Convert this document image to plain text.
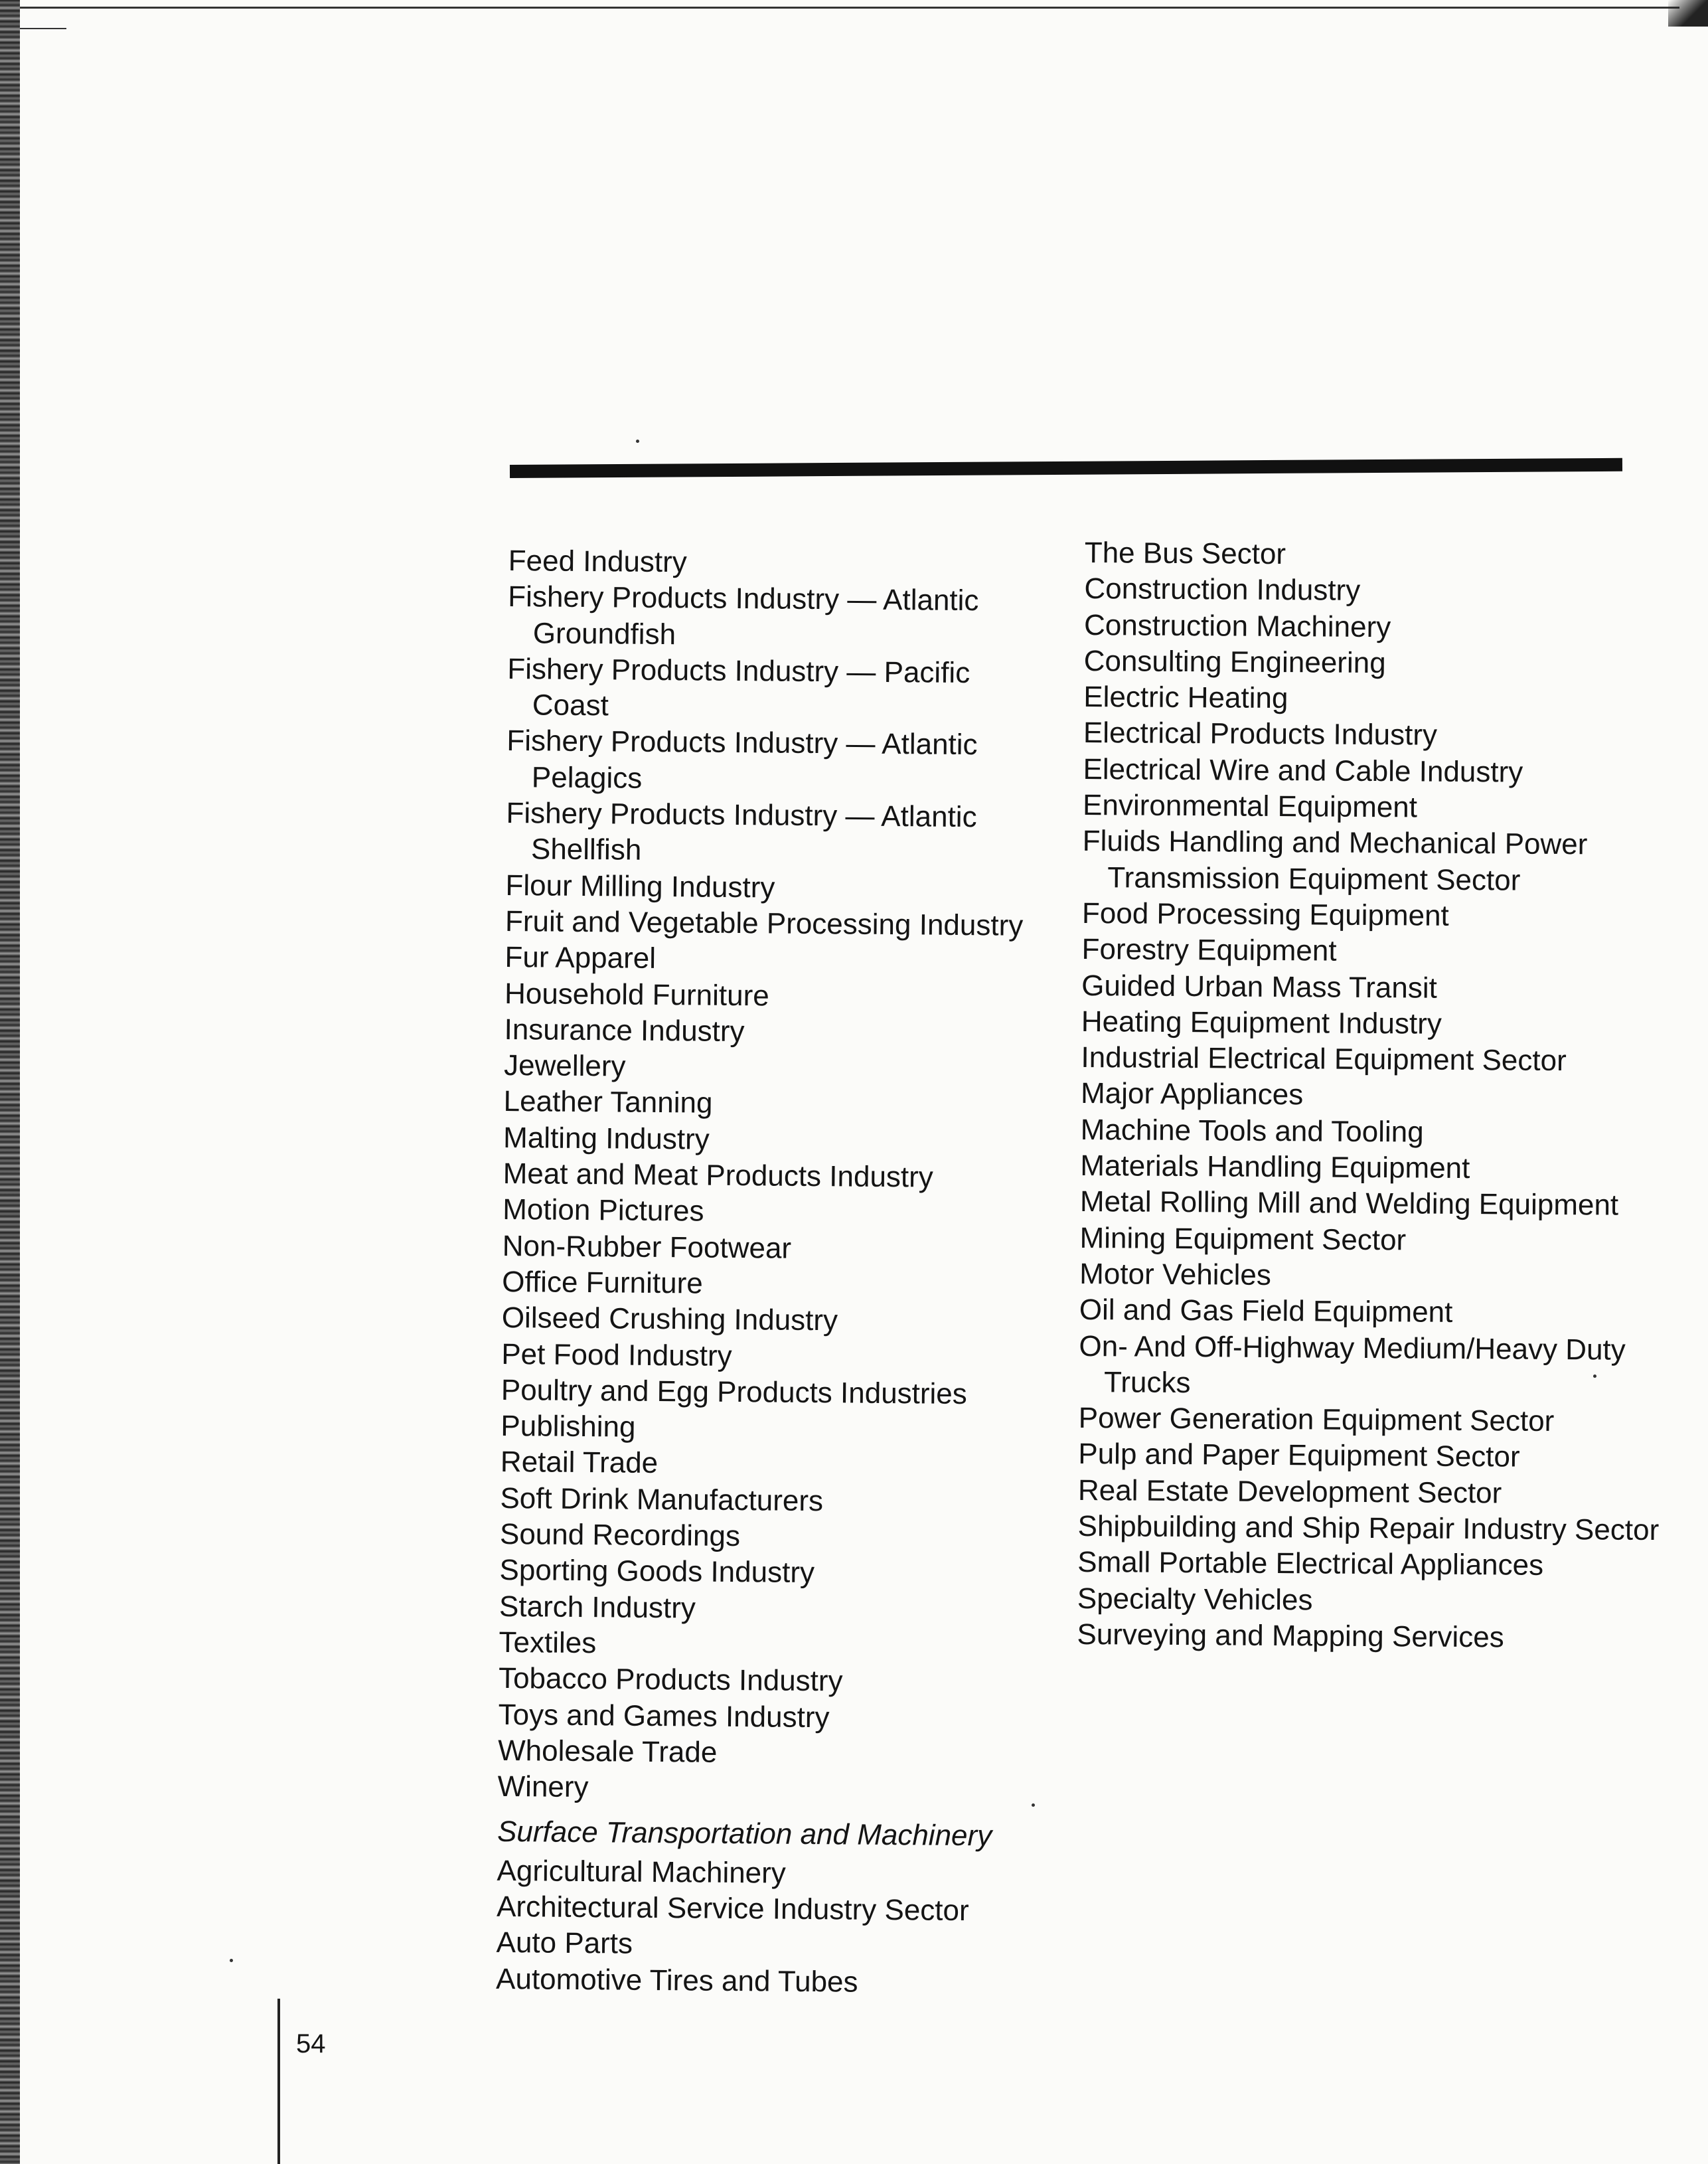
Feed Industry
Fishery Products Industry — Atlantic Groundfish
Fishery Products Industry — Pacific Coast
Fishery Products Industry — Atlantic Pelagics
Fishery Products Industry — Atlantic Shellfish
Flour Milling Industry
Fruit and Vegetable Processing Industry
Fur Apparel
Household Furniture
Insurance Industry
Jewellery
Leather Tanning
Malting Industry
Meat and Meat Products Industry
Motion Pictures
Non-Rubber Footwear
Office Furniture
Oilseed Crushing Industry
Pet Food Industry
Poultry and Egg Products Industries
Publishing
Retail Trade
Soft Drink Manufacturers
Sound Recordings
Sporting Goods Industry
Starch Industry
Textiles
Tobacco Products Industry
Toys and Games Industry
Wholesale Trade
Winery
Surface Transportation and Machinery
Agricultural Machinery
Architectural Service Industry Sector
Auto Parts
Automotive Tires and Tubes
The Bus Sector
Construction Industry
Construction Machinery
Consulting Engineering
Electric Heating
Electrical Products Industry
Electrical Wire and Cable Industry
Environmental Equipment
Fluids Handling and Mechanical Power Transmission Equipment Sector
Food Processing Equipment
Forestry Equipment
Guided Urban Mass Transit
Heating Equipment Industry
Industrial Electrical Equipment Sector
Major Appliances
Machine Tools and Tooling
Materials Handling Equipment
Metal Rolling Mill and Welding Equipment
Mining Equipment Sector
Motor Vehicles
Oil and Gas Field Equipment
On- And Off-Highway Medium/Heavy Duty Trucks
Power Generation Equipment Sector
Pulp and Paper Equipment Sector
Real Estate Development Sector
Shipbuilding and Ship Repair Industry Sector
Small Portable Electrical Appliances
Specialty Vehicles
Surveying and Mapping Services
54
